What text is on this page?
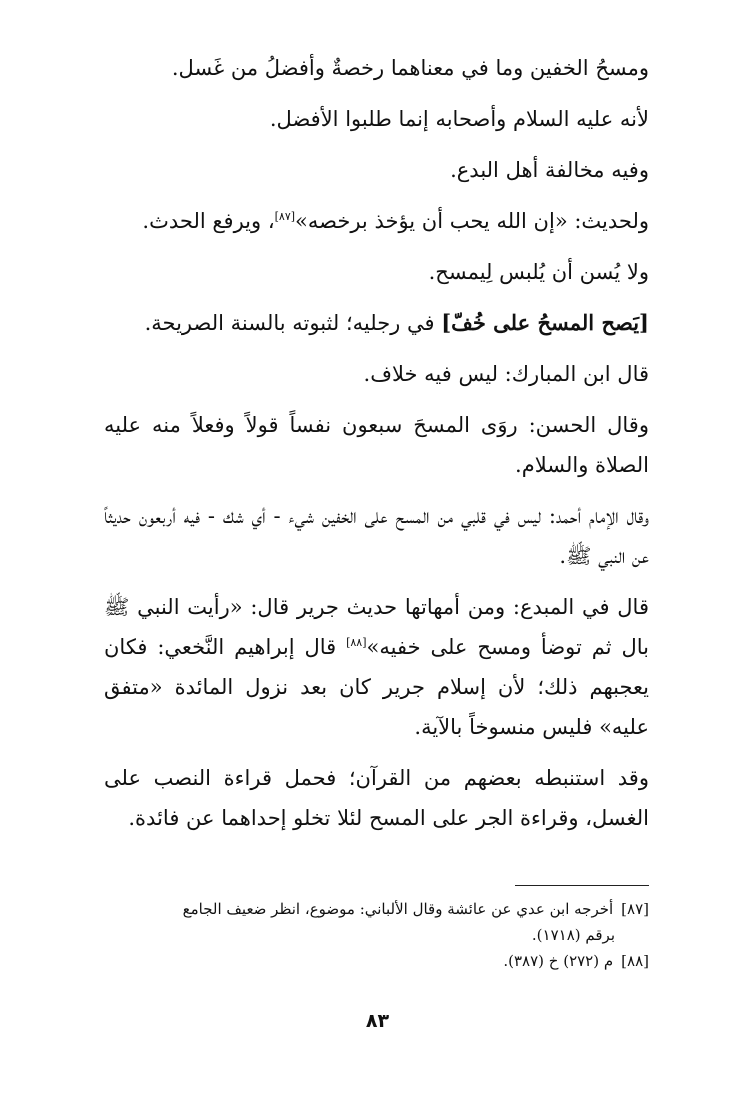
ومسحُ الخفين وما في معناهما رخصةٌ وأفضلُ من غَسل.

لأنه عليه السلام وأصحابه إنما طلبوا الأفضل.

وفيه مخالفة أهل البدع.

ولحديث: «إن الله يحب أن يؤخذ برخصه»[٨٧]، ويرفع الحدث.

ولا يُسن أن يُلبس لِيمسح.

[يَصح المسحُ على خُفّ] في رجليه؛ لثبوته بالسنة الصريحة.

قال ابن المبارك: ليس فيه خلاف.

وقال الحسن: روَى المسحَ سبعون نفساً قولاً وفعلاً منه عليه الصلاة والسلام.

وقال الإمام أحمد: ليس في قلبي من المسح على الخفين شيء - أي شك - فيه أربعون حديثاً عن النبي ﷺ.

قال في المبدع: ومن أمهاتها حديث جرير قال: «رأيت النبي ﷺ بال ثم توضأ ومسح على خفيه»[٨٨] قال إبراهيم النَّخعي: فكان يعجبهم ذلك؛ لأن إسلام جرير كان بعد نزول المائدة «متفق عليه» فليس منسوخاً بالآية.

وقد استنبطه بعضهم من القرآن؛ فحمل قراءة النصب على الغسل، وقراءة الجر على المسح لئلا تخلو إحداهما عن فائدة.

[٨٧]أخرجه ابن عدي عن عائشة وقال الألباني: موضوع، انظر ضعيف الجامع

برقم (١٧١٨).

[٨٨]م (٢٧٢) خ (٣٨٧).

٨٣
